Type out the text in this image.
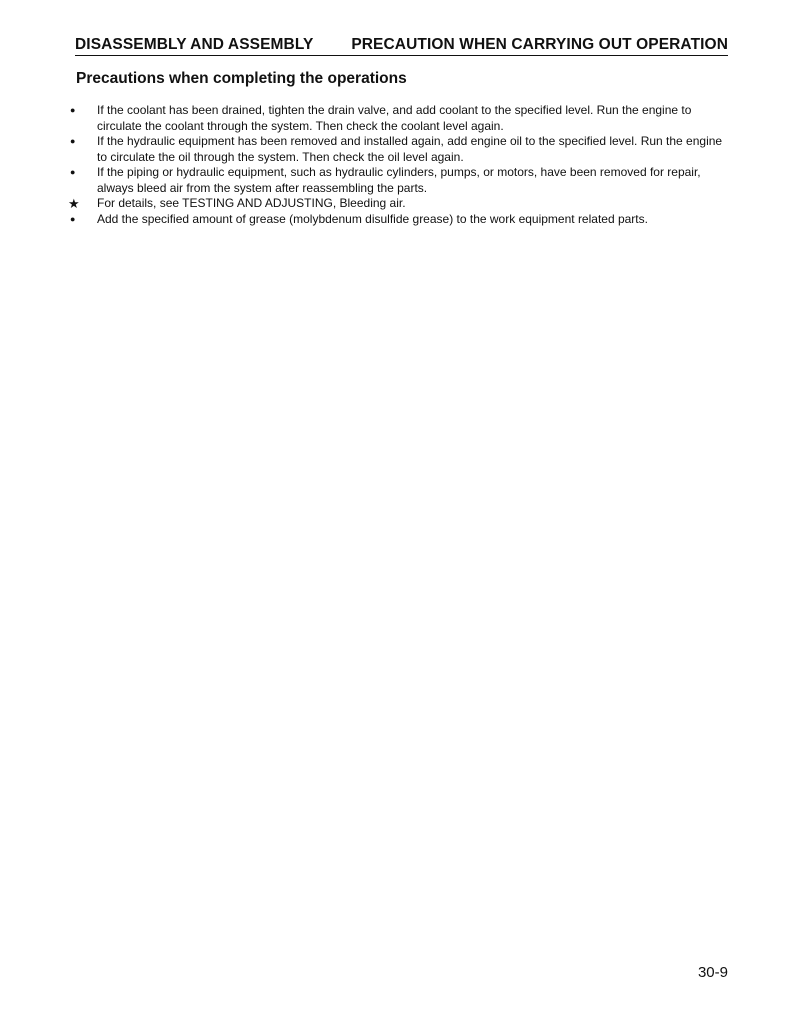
DISASSEMBLY AND ASSEMBLY PRECAUTION WHEN CARRYING OUT OPERATION
Precautions when completing the operations
●	If the coolant has been drained, tighten the drain valve, and add coolant to the specified level. Run the engine to circulate the coolant through the system. Then check the coolant level again.
●	If the hydraulic equipment has been removed and installed again, add engine oil to the specified level. Run the engine to circulate the oil through the system. Then check the oil level again.
●	If the piping or hydraulic equipment, such as hydraulic cylinders, pumps, or motors, have been removed for repair, always bleed air from the system after reassembling the parts.
★	For details, see TESTING AND ADJUSTING, Bleeding air.
●	Add the specified amount of grease (molybdenum disulfide grease) to the work equipment related parts.
30-9
